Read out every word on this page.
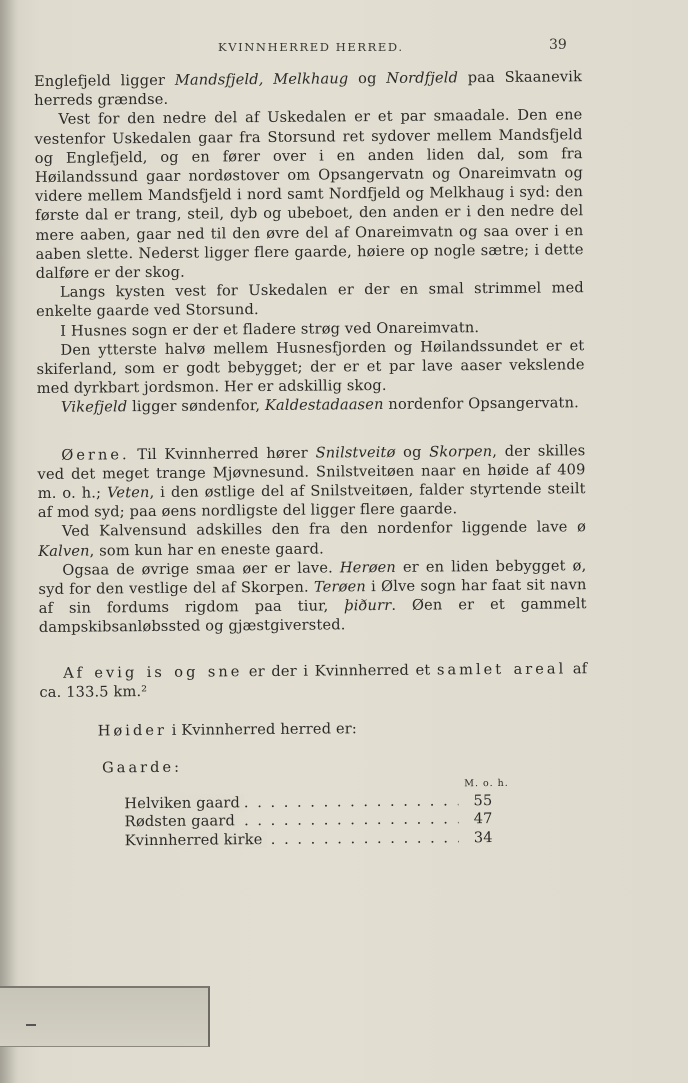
KVINNHERRED HERRED.	39

Englefjeld ligger Mandsfjeld, Melkhaug og Nordfjeld paa Skaanevik herreds grændse.

Vest for den nedre del af Uskedalen er et par smaadale. Den ene vestenfor Uskedalen gaar fra Storsund ret sydover mellem Mandsfjeld og Englefjeld, og en fører over i en anden liden dal, som fra Høilandssund gaar nordøstover om Opsangervatn og Onareimvatn og videre mellem Mandsfjeld i nord samt Nordfjeld og Melkhaug i syd: den første dal er trang, steil, dyb og ubeboet, den anden er i den nedre del mere aaben, gaar ned til den øvre del af Onareimvatn og saa over i en aaben slette. Nederst ligger flere gaarde, høiere op nogle sætre; i dette dalføre er der skog.

Langs kysten vest for Uskedalen er der en smal strimmel med enkelte gaarde ved Storsund.

I Husnes sogn er der et fladere strøg ved Onareimvatn.

Den ytterste halvø mellem Husnesfjorden og Høilandssundet er et skiferland, som er godt bebygget; der er et par lave aaser vekslende med dyrkbart jordsmon. Her er adskillig skog.

Vikefjeld ligger søndenfor, Kaldestadaasen nordenfor Opsangervatn.

Øerne. Til Kvinnherred hører Snilstveitø og Skorpen, der skilles ved det meget trange Mjøvnesund. Snilstveitøen naar en høide af 409 m. o. h.; Veten, i den østlige del af Snilstveitøen, falder styrtende steilt af mod syd; paa øens nordligste del ligger flere gaarde.

Ved Kalvensund adskilles den fra den nordenfor liggende lave ø Kalven, som kun har en eneste gaard.

Ogsaa de øvrige smaa øer er lave. Herøen er en liden bebygget ø, syd for den vestlige del af Skorpen. Terøen i Ølve sogn har faat sit navn af sin fordums rigdom paa tiur, þiðurr. Øen er et gammelt dampskibsanløbssted og gjæstgiversted.

Af evig is og sne er der i Kvinnherred et samlet areal af ca. 133.5 km.²

Høider i Kvinnherred herred er:

Gaarde:

M. o. h.
. . .
Helviken gaard	55
. . .
Rødsten gaard	47
. . .
Kvinnherred kirke	34
